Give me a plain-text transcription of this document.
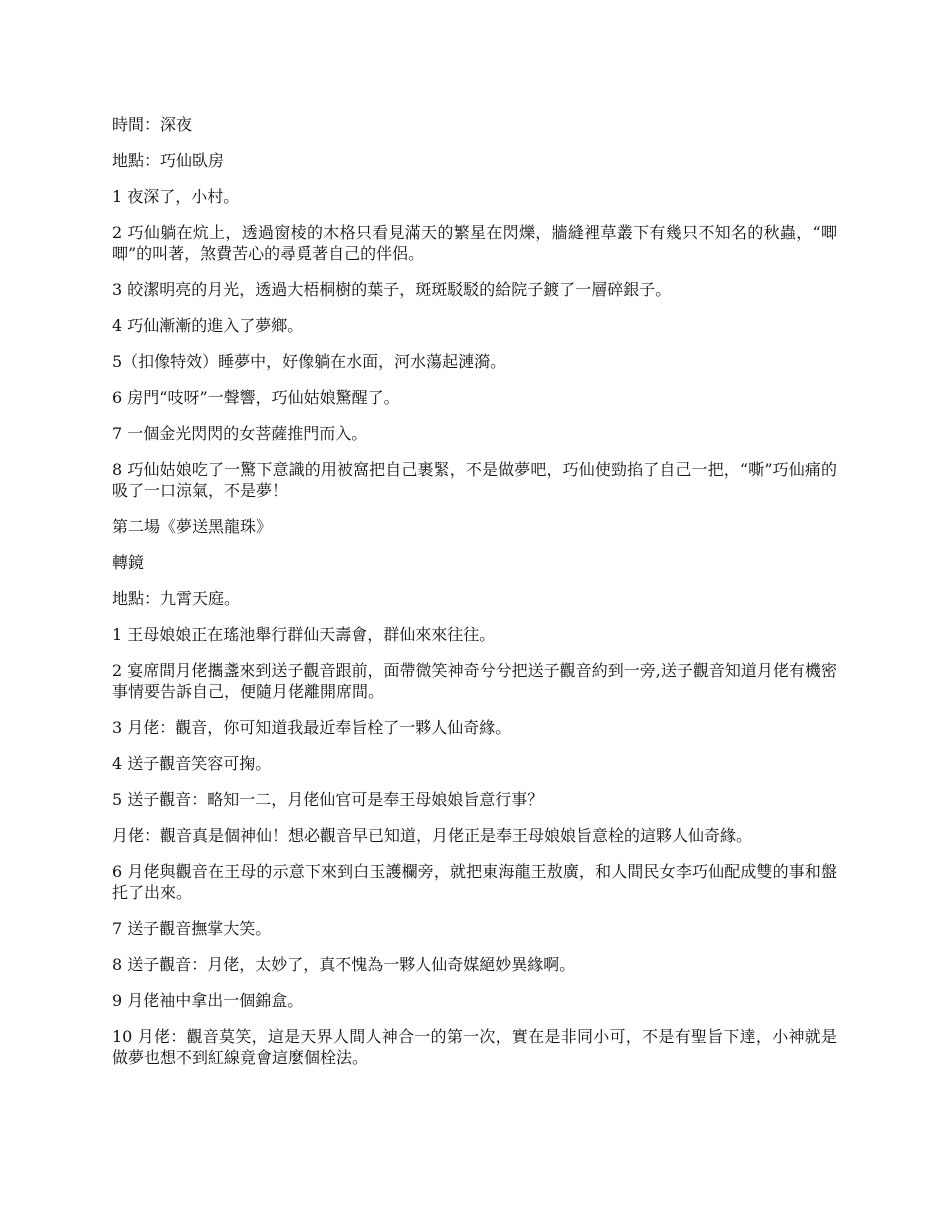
時間：深夜

地點：巧仙臥房

1 夜深了，小村。

2 巧仙躺在炕上，透過窗棱的木格只看見滿天的繁星在閃爍，牆縫裡草叢下有幾只不知名的秋蟲，“唧唧”的叫著，煞費苦心的尋覓著自己的伴侶。

3 皎潔明亮的月光，透過大梧桐樹的葉子，斑斑駁駁的給院子鍍了一層碎銀子。

4 巧仙漸漸的進入了夢鄉。

5（扣像特效）睡夢中，好像躺在水面，河水蕩起漣漪。

6 房門“吱呀”一聲響，巧仙姑娘驚醒了。

7 一個金光閃閃的女菩薩推門而入。

8 巧仙姑娘吃了一驚下意識的用被窩把自己裹緊，不是做夢吧，巧仙使勁掐了自己一把，“嘶”巧仙痛的吸了一口涼氣，不是夢！

第二場《夢送黑龍珠》

轉鏡

地點：九霄天庭。

1 王母娘娘正在瑤池舉行群仙天壽會，群仙來來往往。

2 宴席間月佬攜盞來到送子觀音跟前，面帶微笑神奇兮兮把送子觀音約到一旁,送子觀音知道月佬有機密事情要告訴自己，便隨月佬離開席間。

3 月佬：觀音，你可知道我最近奉旨栓了一夥人仙奇緣。

4 送子觀音笑容可掬。

5 送子觀音：略知一二，月佬仙官可是奉王母娘娘旨意行事？

月佬：觀音真是個神仙！想必觀音早已知道，月佬正是奉王母娘娘旨意栓的這夥人仙奇緣。

6 月佬與觀音在王母的示意下來到白玉護欄旁，就把東海龍王敖廣，和人間民女李巧仙配成雙的事和盤托了出來。

7 送子觀音撫掌大笑。

8 送子觀音：月佬，太妙了，真不愧為一夥人仙奇媒絕妙異緣啊。

9 月佬袖中拿出一個錦盒。

10 月佬：觀音莫笑，這是天界人間人神合一的第一次，實在是非同小可，不是有聖旨下達，小神就是做夢也想不到紅線竟會這麼個栓法。
